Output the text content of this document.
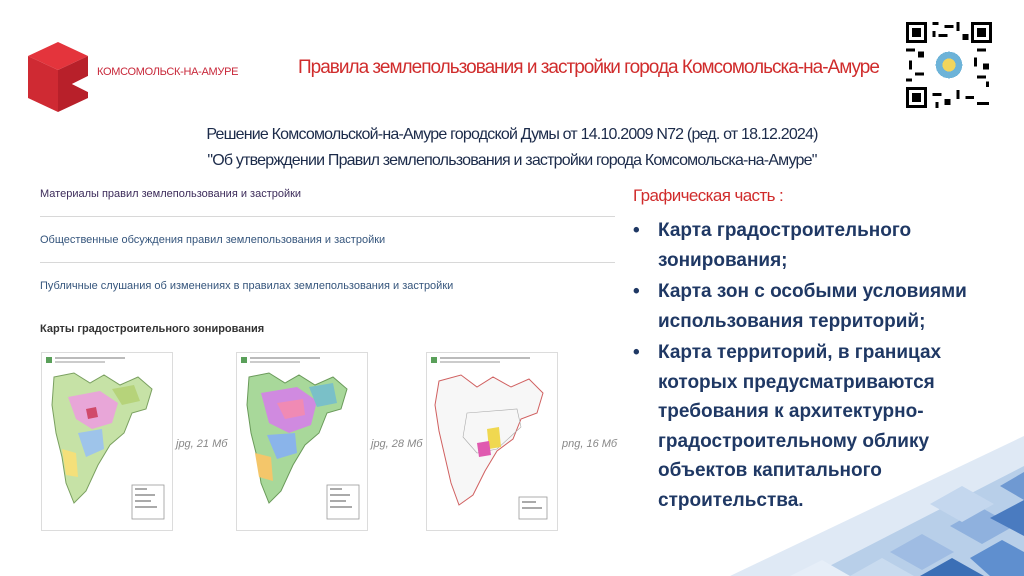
КОМСОМОЛЬСК-НА-АМУРЕ	Правила землепользования и застройки города Комсомольска-на-Амуре
Решение Комсомольской-на-Амуре городской Думы от 14.10.2009 N72 (ред. от 18.12.2024)
"Об утверждении Правил землепользования и застройки города Комсомольска-на-Амуре"
Материалы правил землепользования и застройки
Общественные обсуждения правил землепользования и застройки
Публичные слушания об изменениях в правилах землепользования и застройки
Карты градостроительного зонирования
jpg, 21 Мб	jpg, 28 Мб	png, 16 Мб
Графическая часть :
• Карта градостроительного зонирования;
• Карта зон с особыми условиями использования территорий;
• Карта территорий, в границах которых предусматриваются требования к архитектурно-градостроительному облику объектов капитального строительства.
